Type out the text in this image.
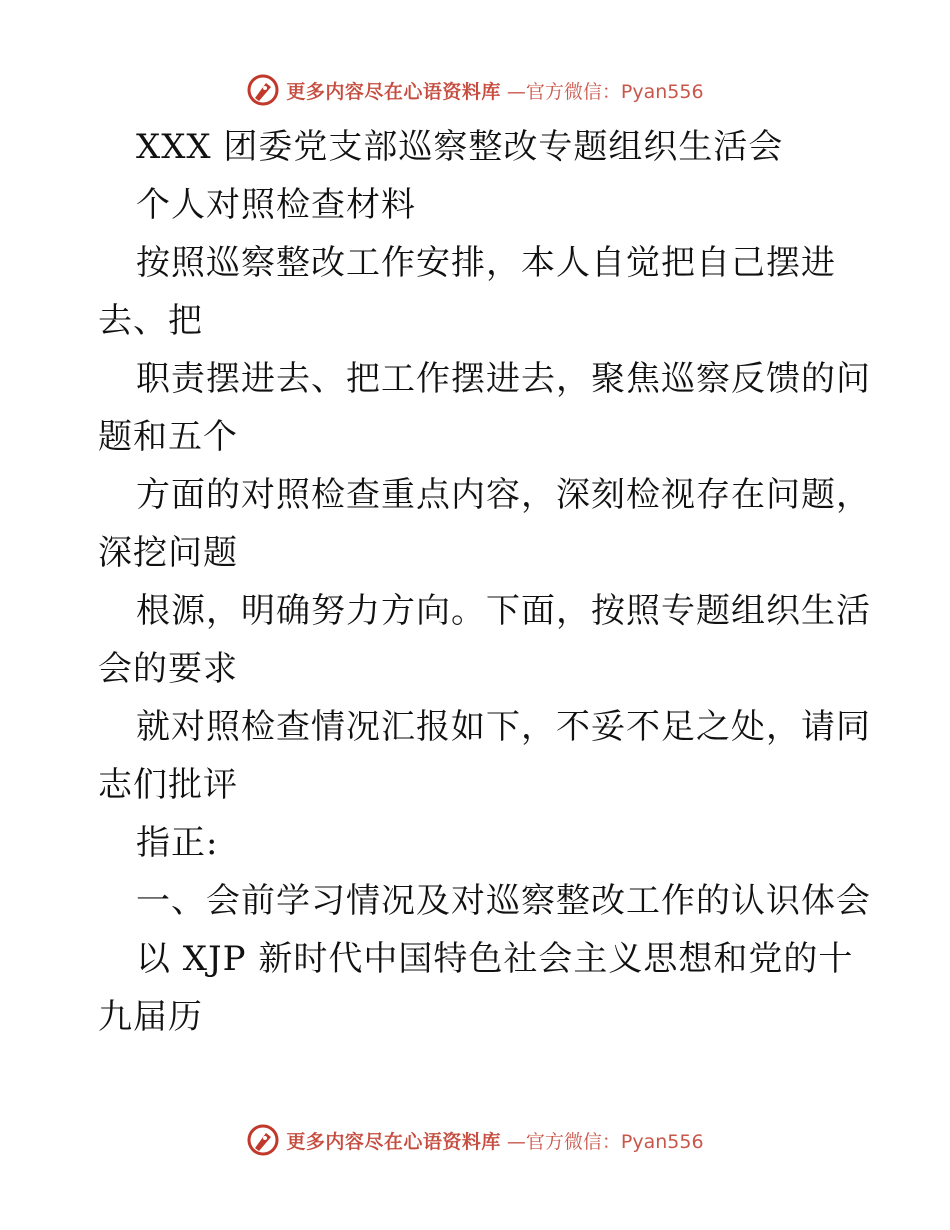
更多内容尽在心语资料库 —官方微信：Pyan556
XXX 团委党支部巡察整改专题组织生活会
个人对照检查材料
按照巡察整改工作安排，本人自觉把自己摆进
去、把
职责摆进去、把工作摆进去，聚焦巡察反馈的问
题和五个
方面的对照检查重点内容，深刻检视存在问题，
深挖问题
根源，明确努力方向。下面，按照专题组织生活
会的要求
就对照检查情况汇报如下，不妥不足之处，请同
志们批评
指正:
一、会前学习情况及对巡察整改工作的认识体会
以 XJP 新时代中国特色社会主义思想和党的十
九届历
更多内容尽在心语资料库 —官方微信：Pyan556
